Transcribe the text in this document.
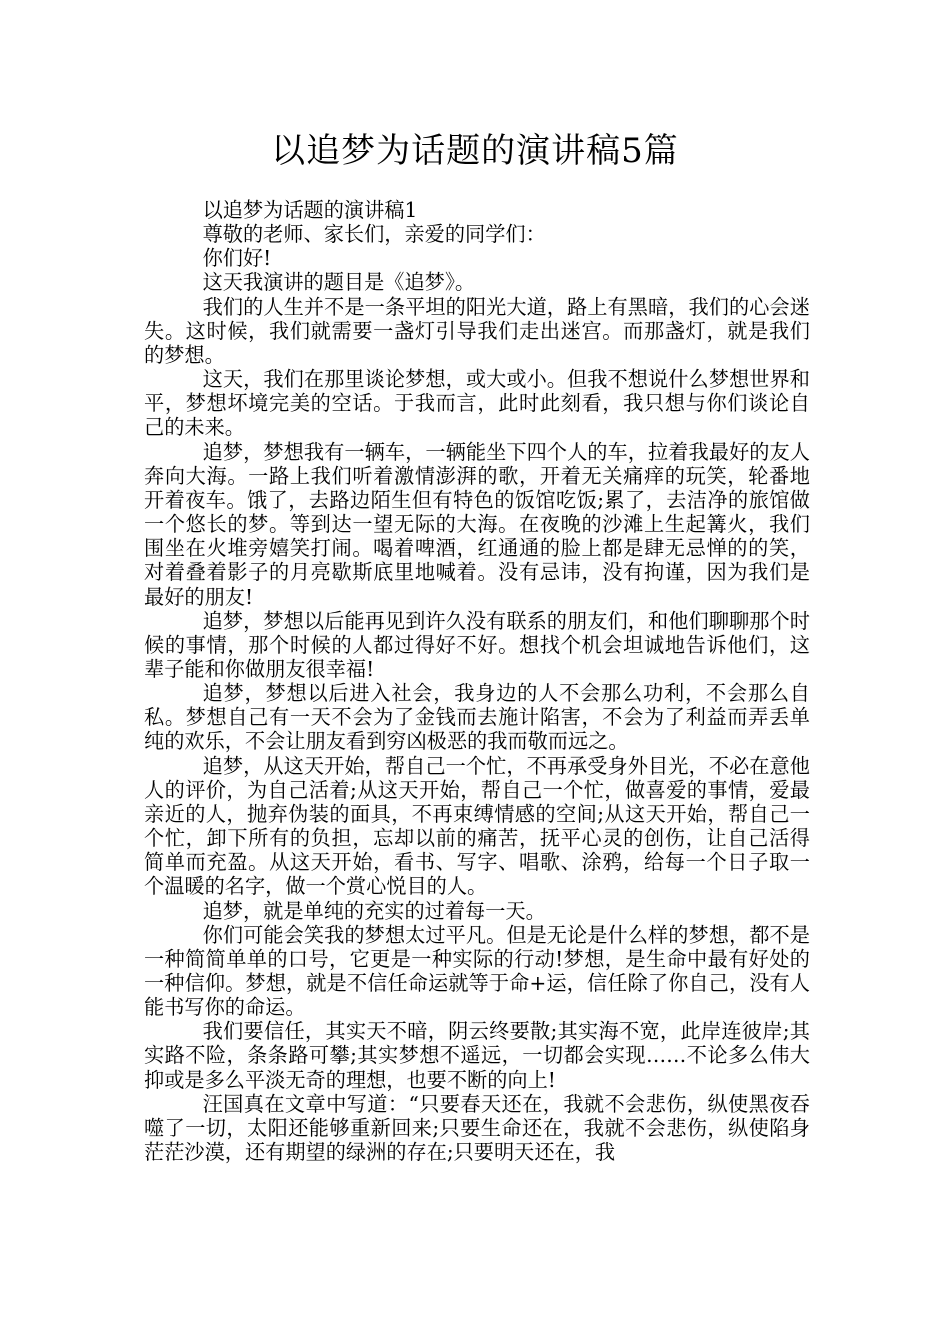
以追梦为话题的演讲稿5篇

以追梦为话题的演讲稿1

尊敬的老师、家长们，亲爱的同学们：

你们好!

这天我演讲的题目是《追梦》。

我们的人生并不是一条平坦的阳光大道，路上有黑暗，我们的心会迷失。这时候，我们就需要一盏灯引导我们走出迷宫。而那盏灯，就是我们的梦想。

这天，我们在那里谈论梦想，或大或小。但我不想说什么梦想世界和平，梦想坏境完美的空话。于我而言，此时此刻看，我只想与你们谈论自己的未来。

追梦，梦想我有一辆车，一辆能坐下四个人的车，拉着我最好的友人奔向大海。一路上我们听着激情澎湃的歌，开着无关痛痒的玩笑，轮番地开着夜车。饿了，去路边陌生但有特色的饭馆吃饭;累了，去洁净的旅馆做一个悠长的梦。等到达一望无际的大海。在夜晚的沙滩上生起篝火，我们围坐在火堆旁嬉笑打闹。喝着啤酒，红通通的脸上都是肆无忌惮的的笑，对着叠着影子的月亮歇斯底里地喊着。没有忌讳，没有拘谨，因为我们是最好的朋友!

追梦，梦想以后能再见到许久没有联系的朋友们，和他们聊聊那个时候的事情，那个时候的人都过得好不好。想找个机会坦诚地告诉他们，这辈子能和你做朋友很幸福!

追梦，梦想以后进入社会，我身边的人不会那么功利，不会那么自私。梦想自己有一天不会为了金钱而去施计陷害，不会为了利益而弄丢单纯的欢乐，不会让朋友看到穷凶极恶的我而敬而远之。

追梦，从这天开始，帮自己一个忙，不再承受身外目光，不必在意他人的评价，为自己活着;从这天开始，帮自己一个忙，做喜爱的事情，爱最亲近的人，抛弃伪装的面具，不再束缚情感的空间;从这天开始，帮自己一个忙，卸下所有的负担，忘却以前的痛苦，抚平心灵的创伤，让自己活得简单而充盈。从这天开始，看书、写字、唱歌、涂鸦，给每一个日子取一个温暖的名字，做一个赏心悦目的人。

追梦，就是单纯的充实的过着每一天。

你们可能会笑我的梦想太过平凡。但是无论是什么样的梦想，都不是一种简简单单的口号，它更是一种实际的行动!梦想，是生命中最有好处的一种信仰。梦想，就是不信任命运就等于命+运，信任除了你自己，没有人能书写你的命运。

我们要信任，其实天不暗，阴云终要散;其实海不宽，此岸连彼岸;其实路不险，条条路可攀;其实梦想不遥远，一切都会实现……不论多么伟大抑或是多么平淡无奇的理想，也要不断的向上!

汪国真在文章中写道：“只要春天还在，我就不会悲伤，纵使黑夜吞噬了一切，太阳还能够重新回来;只要生命还在，我就不会悲伤，纵使陷身茫茫沙漠，还有期望的绿洲的存在;只要明天还在，我
